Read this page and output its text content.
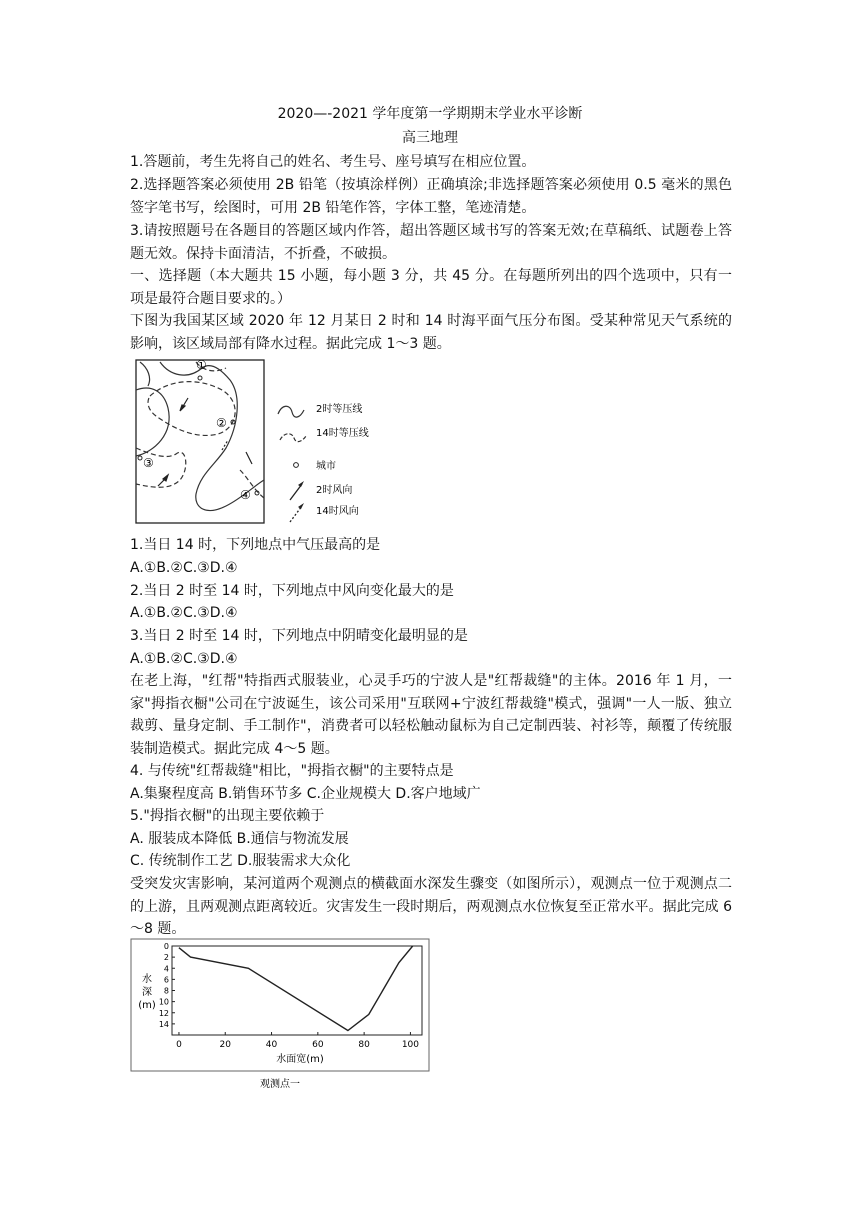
2020—-2021 学年度第一学期期末学业水平诊断
高三地理
1.答题前，考生先将自己的姓名、考生号、座号填写在相应位置。
2.选择题答案必须使用 2B 铅笔（按填涂样例）正确填涂;非选择题答案必须使用 0.5 毫米的黑色签字笔书写，绘图时，可用 2B 铅笔作答，字体工整，笔迹清楚。
3.请按照题号在各题目的答题区域内作答，超出答题区域书写的答案无效;在草稿纸、试题卷上答题无效。保持卡面清洁，不折叠，不破损。
一、选择题（本大题共 15 小题，每小题 3 分，共 45 分。在每题所列出的四个选项中，只有一项是最符合题目要求的。）
下图为我国某区域 2020 年 12 月某日 2 时和 14 时海平面气压分布图。受某种常见天气系统的影响，该区域局部有降水过程。据此完成 1～3 题。
①
②
③
④
2时等压线
14时等压线
城市
2时风向
14时风向
1.当日 14 时，下列地点中气压最高的是
A.①B.②C.③D.④
2.当日 2 时至 14 时，下列地点中风向变化最大的是
A.①B.②C.③D.④
3.当日 2 时至 14 时，下列地点中阴晴变化最明显的是
A.①B.②C.③D.④
在老上海，"红帮"特指西式服装业，心灵手巧的宁波人是"红帮裁缝"的主体。2016 年 1 月，一家"拇指衣橱"公司在宁波诞生，该公司采用"互联网+宁波红帮裁缝"模式，强调"一人一版、独立裁剪、量身定制、手工制作"，消费者可以轻松触动鼠标为自己定制西装、衬衫等，颠覆了传统服装制造模式。据此完成 4～5 题。
4. 与传统"红帮裁缝"相比，"拇指衣橱"的主要特点是
A.集聚程度高 B.销售环节多 C.企业规模大 D.客户地域广
5."拇指衣橱"的出现主要依赖于
A. 服装成本降低 B.通信与物流发展
C. 传统制作工艺 D.服装需求大众化
受突发灾害影响，某河道两个观测点的横截面水深发生骤变（如图所示），观测点一位于观测点二的上游，且两观测点距离较近。灾害发生一段时期后，两观测点水位恢复至正常水平。据此完成 6～8 题。
水
深
(m)
0	20	40	60	80	100
0
2
4
6
8
10
12
14
水面宽(m)
观测点一
